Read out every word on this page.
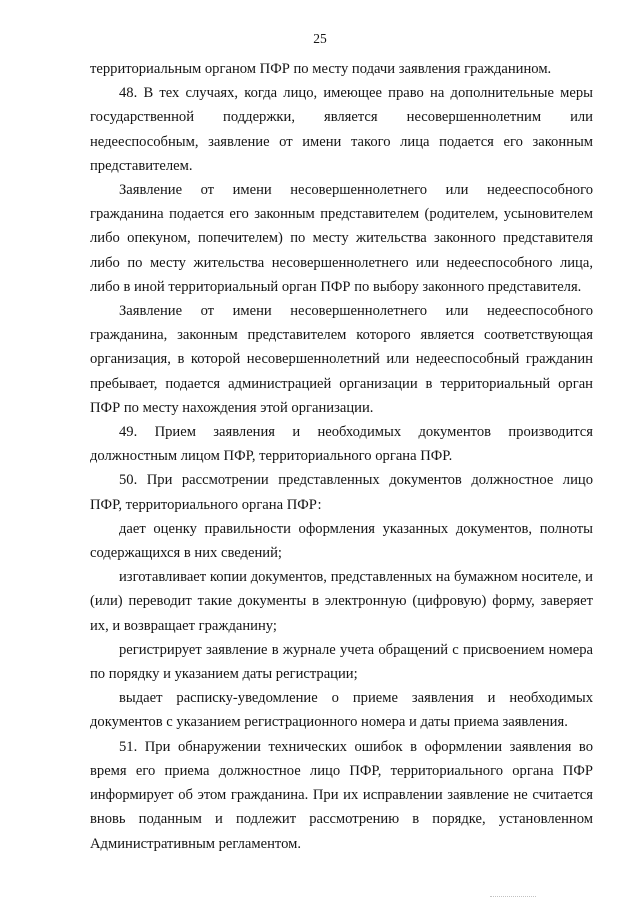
25

территориальным органом ПФР по месту подачи заявления гражданином.

48. В тех случаях, когда лицо, имеющее право на дополнительные меры государственной поддержки, является несовершеннолетним или недееспособным, заявление от имени такого лица подается его законным представителем.

Заявление от имени несовершеннолетнего или недееспособного гражданина подается его законным представителем (родителем, усыновителем либо опекуном, попечителем) по месту жительства законного представителя либо по месту жительства несовершеннолетнего или недееспособного лица, либо в иной территориальный орган ПФР по выбору законного представителя.

Заявление от имени несовершеннолетнего или недееспособного гражданина, законным представителем которого является соответствующая организация, в которой несовершеннолетний или недееспособный гражданин пребывает, подается администрацией организации в территориальный орган ПФР по месту нахождения этой организации.

49. Прием заявления и необходимых документов производится должностным лицом ПФР, территориального органа ПФР.

50. При рассмотрении представленных документов должностное лицо ПФР, территориального органа ПФР:

дает оценку правильности оформления указанных документов, полноты содержащихся в них сведений;

изготавливает копии документов, представленных на бумажном носителе, и (или) переводит такие документы в электронную (цифровую) форму, заверяет их, и возвращает гражданину;

регистрирует заявление в журнале учета обращений с присвоением номера по порядку и указанием даты регистрации;

выдает расписку-уведомление о приеме заявления и необходимых документов с указанием регистрационного номера и даты приема заявления.

51. При обнаружении технических ошибок в оформлении заявления во время его приема должностное лицо ПФР, территориального органа ПФР информирует об этом гражданина. При их исправлении заявление не считается вновь поданным и подлежит рассмотрению в порядке, установленном Административным регламентом.
